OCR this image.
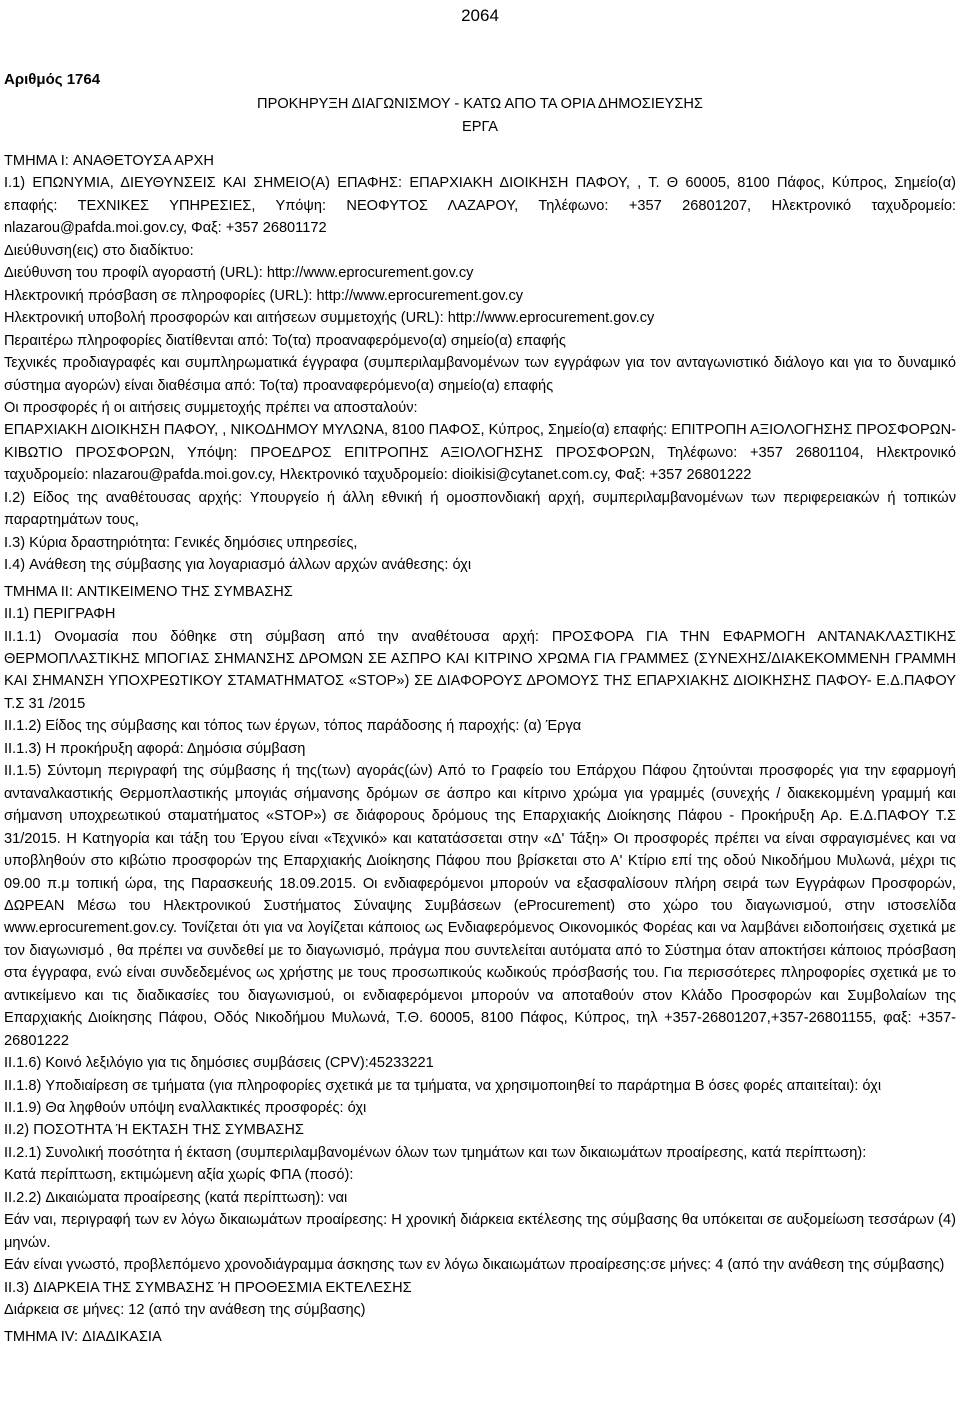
2064
Αριθμός 1764
ΠΡΟΚΗΡΥΞΗ ΔΙΑΓΩΝΙΣΜΟΥ - ΚΑΤΩ ΑΠΟ ΤΑ ΟΡΙΑ ΔΗΜΟΣΙΕΥΣΗΣ
ΕΡΓΑ

ΤΜΗΜΑ I: ΑΝΑΘΕΤΟΥΣΑ ΑΡΧΗ

I.1) ΕΠΩΝΥΜΙΑ, ΔΙΕΥΘΥΝΣΕΙΣ ΚΑΙ ΣΗΜΕΙΟ(Α) ΕΠΑΦΗΣ: ΕΠΑΡΧΙΑΚΗ ΔΙΟΙΚΗΣΗ ΠΑΦΟΥ, , Τ. Θ 60005, 8100 Πάφος, Κύπρος, Σημείο(α) επαφής: ΤΕΧΝΙΚΕΣ ΥΠΗΡΕΣΙΕΣ, Υπόψη: ΝΕΟΦΥΤΟΣ ΛΑΖΑΡΟΥ, Τηλέφωνο: +357 26801207, Ηλεκτρονικό ταχυδρομείο: nlazarou@pafda.moi.gov.cy, Φαξ: +357 26801172

Διεύθυνση(εις) στο διαδίκτυο:

Διεύθυνση του προφίλ αγοραστή (URL): http://www.eprocurement.gov.cy

Ηλεκτρονική πρόσβαση σε πληροφορίες (URL): http://www.eprocurement.gov.cy

Ηλεκτρονική υποβολή προσφορών και αιτήσεων συμμετοχής (URL): http://www.eprocurement.gov.cy

Περαιτέρω πληροφορίες διατίθενται από: Το(τα) προαναφερόμενο(α) σημείο(α) επαφής

Τεχνικές προδιαγραφές και συμπληρωματικά έγγραφα (συμπεριλαμβανομένων των εγγράφων για τον ανταγωνιστικό διάλογο και για το δυναμικό σύστημα αγορών) είναι διαθέσιμα από: Το(τα) προαναφερόμενο(α) σημείο(α) επαφής

Οι προσφορές ή οι αιτήσεις συμμετοχής πρέπει να αποσταλούν:

ΕΠΑΡΧΙΑΚΗ ΔΙΟΙΚΗΣΗ ΠΑΦΟΥ, , ΝΙΚΟΔΗΜΟΥ ΜΥΛΩΝΑ, 8100 ΠΑΦΟΣ, Κύπρος, Σημείο(α) επαφής: ΕΠΙΤΡΟΠΗ ΑΞΙΟΛΟΓΗΣΗΣ ΠΡΟΣΦΟΡΩΝ-ΚΙΒΩΤΙΟ ΠΡΟΣΦΟΡΩΝ, Υπόψη: ΠΡΟΕΔΡΟΣ ΕΠΙΤΡΟΠΗΣ ΑΞΙΟΛΟΓΗΣΗΣ ΠΡΟΣΦΟΡΩΝ, Τηλέφωνο: +357 26801104, Ηλεκτρονικό ταχυδρομείο: nlazarou@pafda.moi.gov.cy, Ηλεκτρονικό ταχυδρομείο: dioikisi@cytanet.com.cy, Φαξ: +357 26801222

I.2) Είδος της αναθέτουσας αρχής: Υπουργείο ή άλλη εθνική ή ομοσπονδιακή αρχή, συμπεριλαμβανομένων των περιφερειακών ή τοπικών παραρτημάτων τους,

I.3) Κύρια δραστηριότητα: Γενικές δημόσιες υπηρεσίες,

I.4) Ανάθεση της σύμβασης για λογαριασμό άλλων αρχών ανάθεσης: όχι

ΤΜΗΜΑ II: ΑΝΤΙΚΕΙΜΕΝΟ ΤΗΣ ΣΥΜΒΑΣΗΣ

II.1) ΠΕΡΙΓΡΑΦΗ

II.1.1) Ονομασία που δόθηκε στη σύμβαση από την αναθέτουσα αρχή: ΠΡΟΣΦΟΡΑ ΓΙΑ ΤΗΝ ΕΦΑΡΜΟΓΗ ΑΝΤΑΝΑΚΛΑΣΤΙΚΗΣ ΘΕΡΜΟΠΛΑΣΤΙΚΗΣ ΜΠΟΓΙΑΣ ΣΗΜΑΝΣΗΣ ΔΡΟΜΩΝ ΣΕ ΑΣΠΡΟ ΚΑΙ ΚΙΤΡΙΝΟ ΧΡΩΜΑ ΓΙΑ ΓΡΑΜΜΕΣ (ΣΥΝΕΧΗΣ/ΔΙΑΚΕΚΟΜΜΕΝΗ ΓΡΑΜΜΗ ΚΑΙ ΣΗΜΑΝΣΗ ΥΠΟΧΡΕΩΤΙΚΟΥ ΣΤΑΜΑΤΗΜΑΤΟΣ «STOP») ΣΕ ΔΙΑΦΟΡΟΥΣ ΔΡΟΜΟΥΣ ΤΗΣ ΕΠΑΡΧΙΑΚΗΣ ΔΙΟΙΚΗΣΗΣ ΠΑΦΟΥ- Ε.Δ.ΠΑΦΟΥ Τ.Σ 31 /2015

II.1.2) Είδος της σύμβασης και τόπος των έργων, τόπος παράδοσης ή παροχής: (α) Έργα

II.1.3) Η προκήρυξη αφορά: Δημόσια σύμβαση

II.1.5) Σύντομη περιγραφή της σύμβασης ή της(των) αγοράς(ών) Από το Γραφείο του Επάρχου Πάφου ζητούνται προσφορές για την εφαρμογή ανταναλκαστικής Θερμοπλαστικής μπογιάς σήμανσης δρόμων σε άσπρο και κίτρινο χρώμα για γραμμές (συνεχής / διακεκομμένη γραμμή και σήμανση υποχρεωτικού σταματήματος «STOP») σε διάφορους δρόμους της Επαρχιακής Διοίκησης Πάφου - Προκήρυξη Αρ. Ε.Δ.ΠΑΦΟΥ Τ.Σ 31/2015. Η Κατηγορία και τάξη του Έργου είναι «Τεχνικό» και κατατάσσεται στην «Δ' Τάξη» Οι προσφορές πρέπει να είναι σφραγισμένες και να υποβληθούν στο κιβώτιο προσφορών της Επαρχιακής Διοίκησης Πάφου που βρίσκεται στο Α' Κτίριο επί της οδού Νικοδήμου Μυλωνά, μέχρι τις 09.00 π.μ τοπική ώρα, της Παρασκευής 18.09.2015. Οι ενδιαφερόμενοι μπορούν να εξασφαλίσουν πλήρη σειρά των Εγγράφων Προσφορών, ΔΩΡΕΑΝ Μέσω του Ηλεκτρονικού Συστήματος Σύναψης Συμβάσεων (eProcurement) στο χώρο του διαγωνισμού, στην ιστοσελίδα www.eprocurement.gov.cy. Τονίζεται ότι για να λογίζεται κάποιος ως Ενδιαφερόμενος Οικονομικός Φορέας και να λαμβάνει ειδοποιήσεις σχετικά με τον διαγωνισμό , θα πρέπει να συνδεθεί με το διαγωνισμό, πράγμα που συντελείται αυτόματα από το Σύστημα όταν αποκτήσει κάποιος πρόσβαση στα έγγραφα, ενώ είναι συνδεδεμένος ως χρήστης με τους προσωπικούς κωδικούς πρόσβασής του. Για περισσότερες πληροφορίες σχετικά με το αντικείμενο και τις διαδικασίες του διαγωνισμού, οι ενδιαφερόμενοι μπορούν να αποταθούν στον Κλάδο Προσφορών και Συμβολαίων της Επαρχιακής Διοίκησης Πάφου, Οδός Νικοδήμου Μυλωνά, Τ.Θ. 60005, 8100 Πάφος, Κύπρος, τηλ +357-26801207,+357-26801155, φαξ: +357-26801222

II.1.6) Κοινό λεξιλόγιο για τις δημόσιες συμβάσεις (CPV):45233221

II.1.8) Υποδιαίρεση σε τμήματα (για πληροφορίες σχετικά με τα τμήματα, να χρησιμοποιηθεί το παράρτημα Β όσες φορές απαιτείται): όχι

II.1.9) Θα ληφθούν υπόψη εναλλακτικές προσφορές: όχι

II.2) ΠΟΣΟΤΗΤΑ Ή ΕΚΤΑΣΗ ΤΗΣ ΣΥΜΒΑΣΗΣ

II.2.1) Συνολική ποσότητα ή έκταση (συμπεριλαμβανομένων όλων των τμημάτων και των δικαιωμάτων προαίρεσης, κατά περίπτωση):

Κατά περίπτωση, εκτιμώμενη αξία χωρίς ΦΠΑ (ποσό):

II.2.2) Δικαιώματα προαίρεσης (κατά περίπτωση): ναι

Εάν ναι, περιγραφή των εν λόγω δικαιωμάτων προαίρεσης: Η χρονική διάρκεια εκτέλεσης της σύμβασης θα υπόκειται σε αυξομείωση τεσσάρων (4) μηνών.

Εάν είναι γνωστό, προβλεπόμενο χρονοδιάγραμμα άσκησης των εν λόγω δικαιωμάτων προαίρεσης:σε μήνες: 4 (από την ανάθεση της σύμβασης)

II.3) ΔΙΑΡΚΕΙΑ ΤΗΣ ΣΥΜΒΑΣΗΣ Ή ΠΡΟΘΕΣΜΙΑ ΕΚΤΕΛΕΣΗΣ

Διάρκεια σε μήνες: 12 (από την ανάθεση της σύμβασης)

ΤΜΗΜΑ IV: ΔΙΑΔΙΚΑΣΙΑ
